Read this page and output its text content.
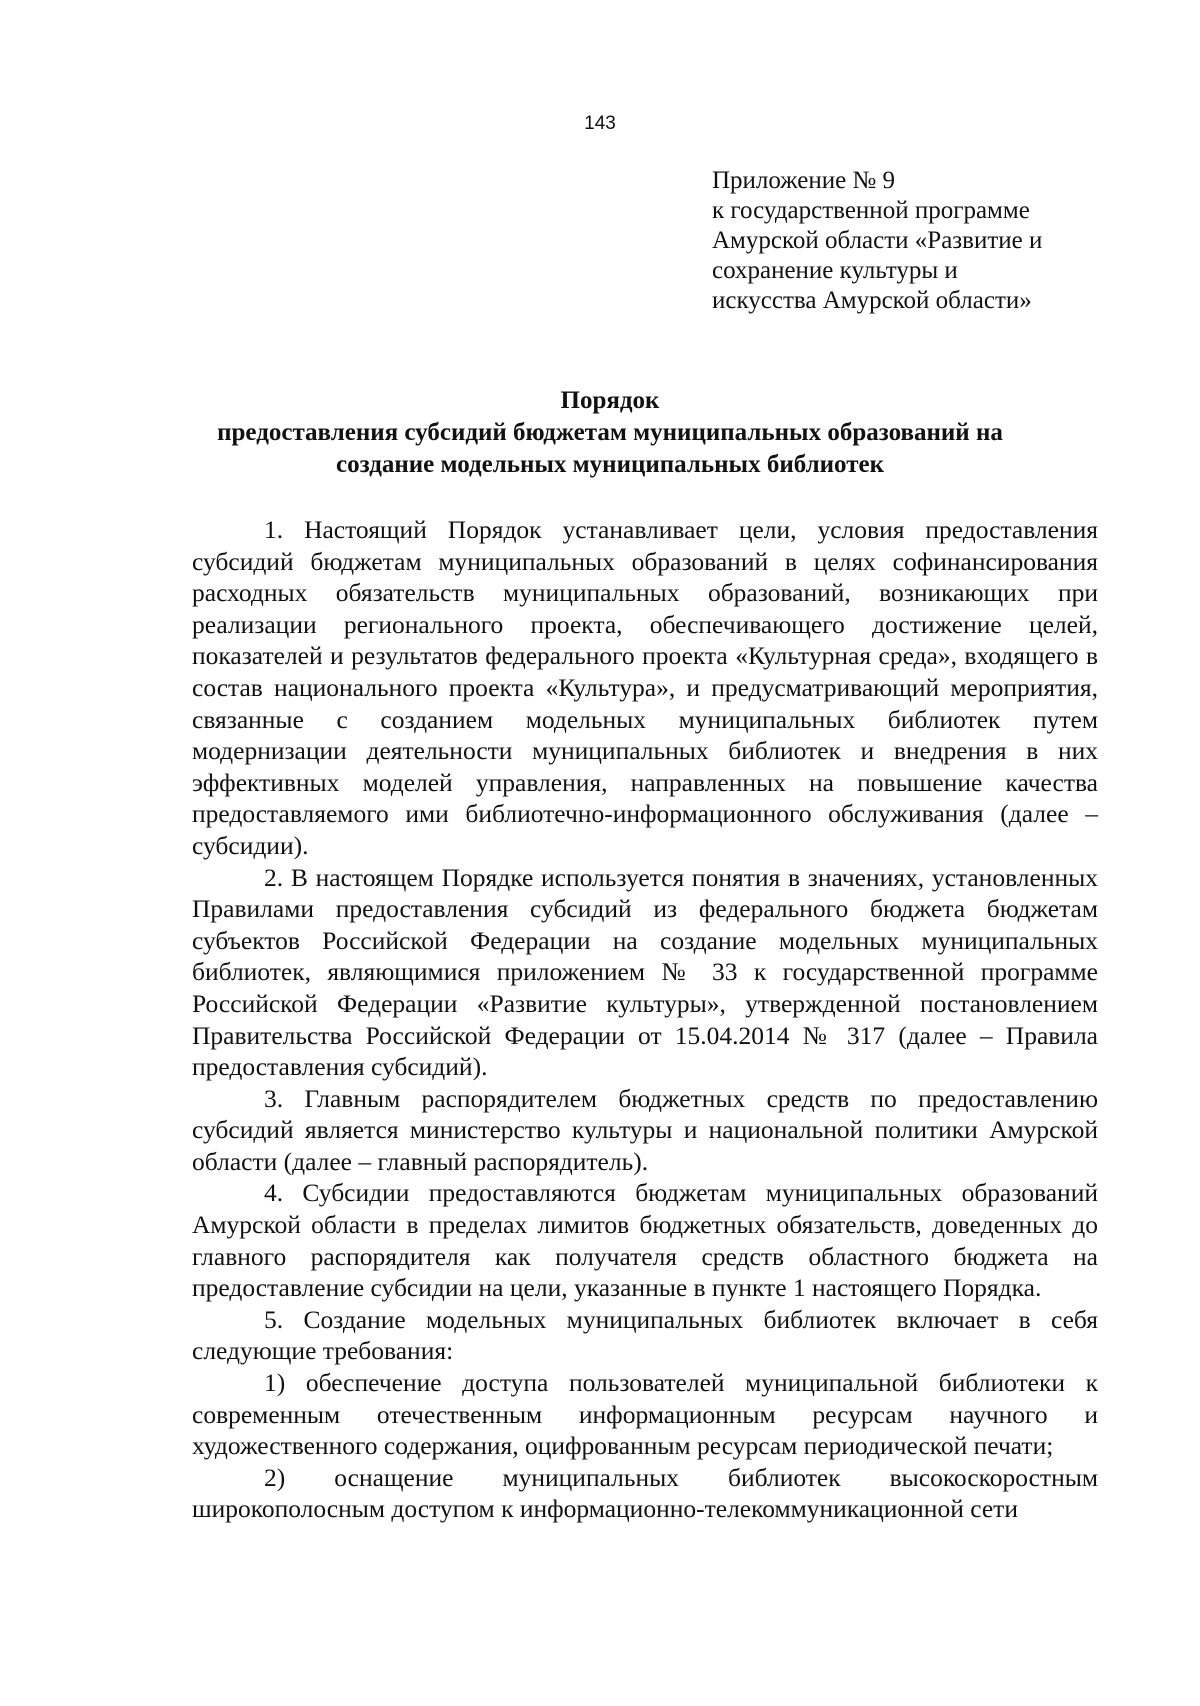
143
Приложение № 9
к государственной программе
Амурской области «Развитие и
сохранение культуры и
искусства Амурской области»
Порядок
предоставления субсидий бюджетам муниципальных образований на
создание модельных муниципальных библиотек

1. Настоящий Порядок устанавливает цели, условия предоставления субсидий бюджетам муниципальных образований в целях софинансирования расходных обязательств муниципальных образований, возникающих при реализации регионального проекта, обеспечивающего достижение целей, показателей и результатов федерального проекта «Культурная среда», входящего в состав национального проекта «Культура», и предусматривающий мероприятия, связанные с созданием модельных муниципальных библиотек путем модернизации деятельности муниципальных библиотек и внедрения в них эффективных моделей управления, направленных на повышение качества предоставляемого ими библиотечно-информационного обслуживания (далее – субсидии).

2. В настоящем Порядке используется понятия в значениях, установленных Правилами предоставления субсидий из федерального бюджета бюджетам субъектов Российской Федерации на создание модельных муниципальных библиотек, являющимися приложением № 33 к государственной программе Российской Федерации «Развитие культуры», утвержденной постановлением Правительства Российской Федерации от 15.04.2014 № 317 (далее – Правила предоставления субсидий).

3. Главным распорядителем бюджетных средств по предоставлению субсидий является министерство культуры и национальной политики Амурской области (далее – главный распорядитель).

4. Субсидии предоставляются бюджетам муниципальных образований Амурской области в пределах лимитов бюджетных обязательств, доведенных до главного распорядителя как получателя средств областного бюджета на предоставление субсидии на цели, указанные в пункте 1 настоящего Порядка.

5. Создание модельных муниципальных библиотек включает в себя следующие требования:

1) обеспечение доступа пользователей муниципальной библиотеки к современным отечественным информационным ресурсам научного и художественного содержания, оцифрованным ресурсам периодической печати;

2) оснащение муниципальных библиотек высокоскоростным широкополосным доступом к информационно-телекоммуникационной сети
